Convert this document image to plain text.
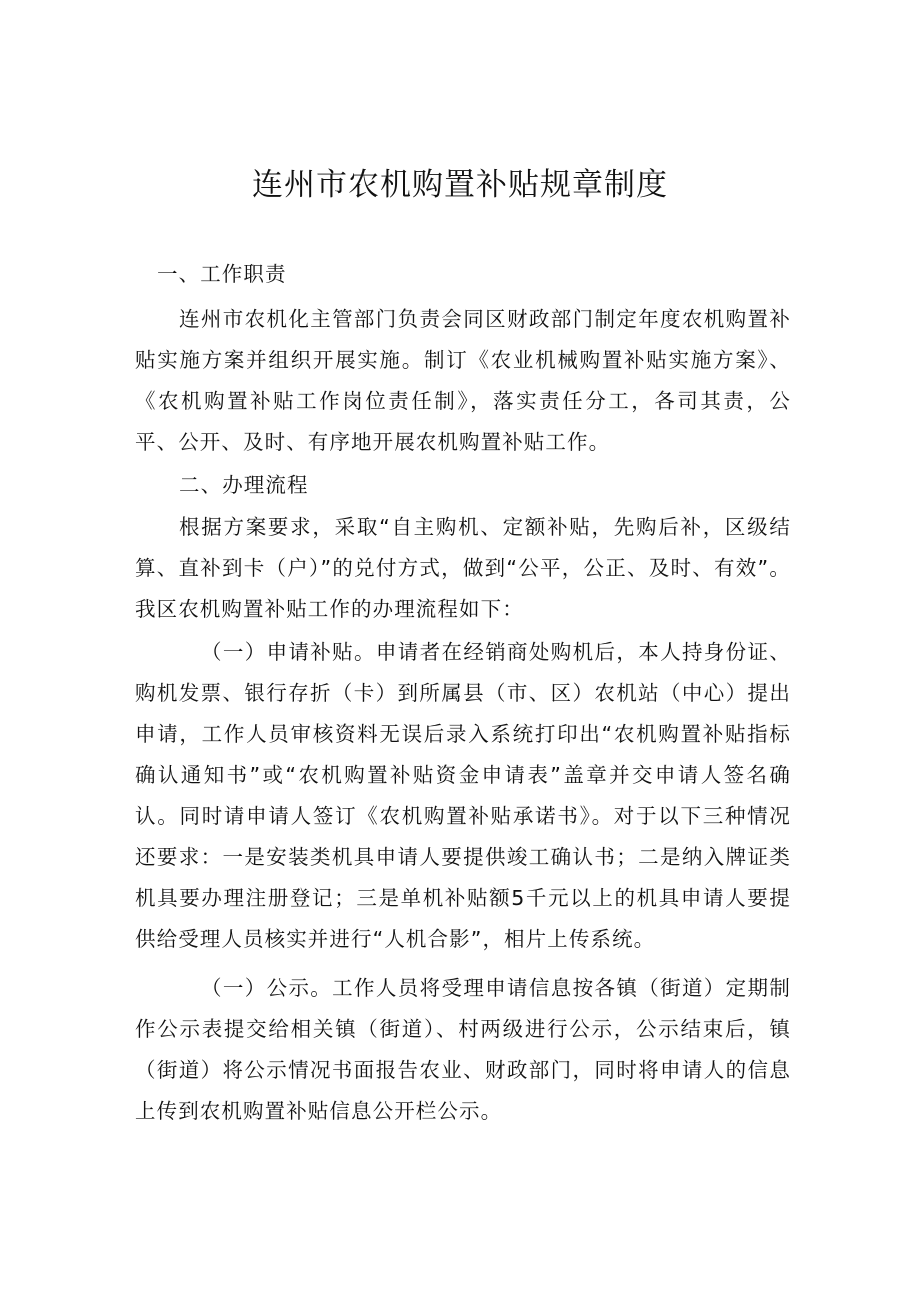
连州市农机购置补贴规章制度

一、工作职责

连州市农机化主管部门负责会同区财政部门制定年度农机购置补贴实施方案并组织开展实施。制订《农业机械购置补贴实施方案》、《农机购置补贴工作岗位责任制》，落实责任分工，各司其责，公平、公开、及时、有序地开展农机购置补贴工作。

二、办理流程

根据方案要求，采取“自主购机、定额补贴，先购后补，区级结算、直补到卡（户）”的兑付方式，做到“公平，公正、及时、有效”。我区农机购置补贴工作的办理流程如下：

（一）申请补贴。申请者在经销商处购机后，本人持身份证、购机发票、银行存折（卡）到所属县（市、区）农机站（中心）提出申请，工作人员审核资料无误后录入系统打印出“农机购置补贴指标确认通知书”或“农机购置补贴资金申请表”盖章并交申请人签名确认。同时请申请人签订《农机购置补贴承诺书》。对于以下三种情况还要求：一是安装类机具申请人要提供竣工确认书；二是纳入牌证类机具要办理注册登记；三是单机补贴额5千元以上的机具申请人要提供给受理人员核实并进行“人机合影”，相片上传系统。

（一）公示。工作人员将受理申请信息按各镇（街道）定期制作公示表提交给相关镇（街道）、村两级进行公示，公示结束后，镇（街道）将公示情况书面报告农业、财政部门，同时将申请人的信息上传到农机购置补贴信息公开栏公示。
